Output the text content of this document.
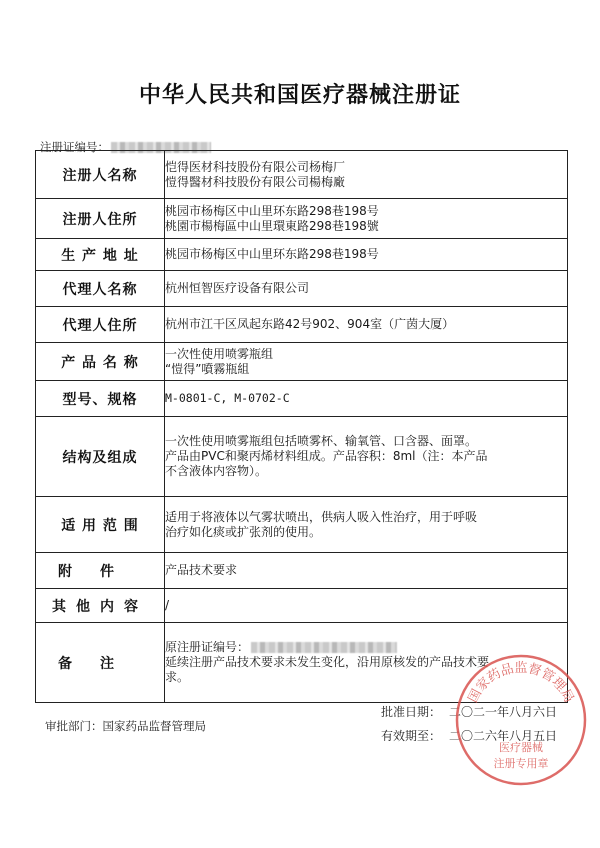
中华人民共和国医疗器械注册证
注册证编号：
注册人名称	恺得医材科技股份有限公司杨梅厂
愷得醫材科技股份有限公司楊梅廠

注册人住所	桃园市杨梅区中山里环东路298巷198号
桃園市楊梅區中山里環東路298巷198號

生 产 地 址	桃园市杨梅区中山里环东路298巷198号
代理人名称	杭州恒智医疗设备有限公司
代理人住所	杭州市江干区凤起东路42号902、904室（广茵大厦）
产 品 名 称	一次性使用喷雾瓶组
“愷得”噴霧瓶組

型号、规格	M-0801-C, M-0702-C
结构及组成	一次性使用喷雾瓶组包括喷雾杯、输氧管、口含器、面罩。
产品由PVC和聚丙烯材料组成。产品容积：8ml（注：本产品
不含液体内容物）。

适 用 范 围	适用于将液体以气雾状喷出，供病人吸入性治疗，用于呼吸
治疗如化痰或扩张剂的使用。

附件	产品技术要求
其他内容	/
备注	原注册证编号：
延续注册产品技术要求未发生变化，沿用原核发的产品技术要
求。
审批部门：国家药品监督管理局
批准日期： 二〇二一年八月六日
有效期至： 二〇二六年八月五日
国家药品监督管理局
医疗器械
注册专用章
